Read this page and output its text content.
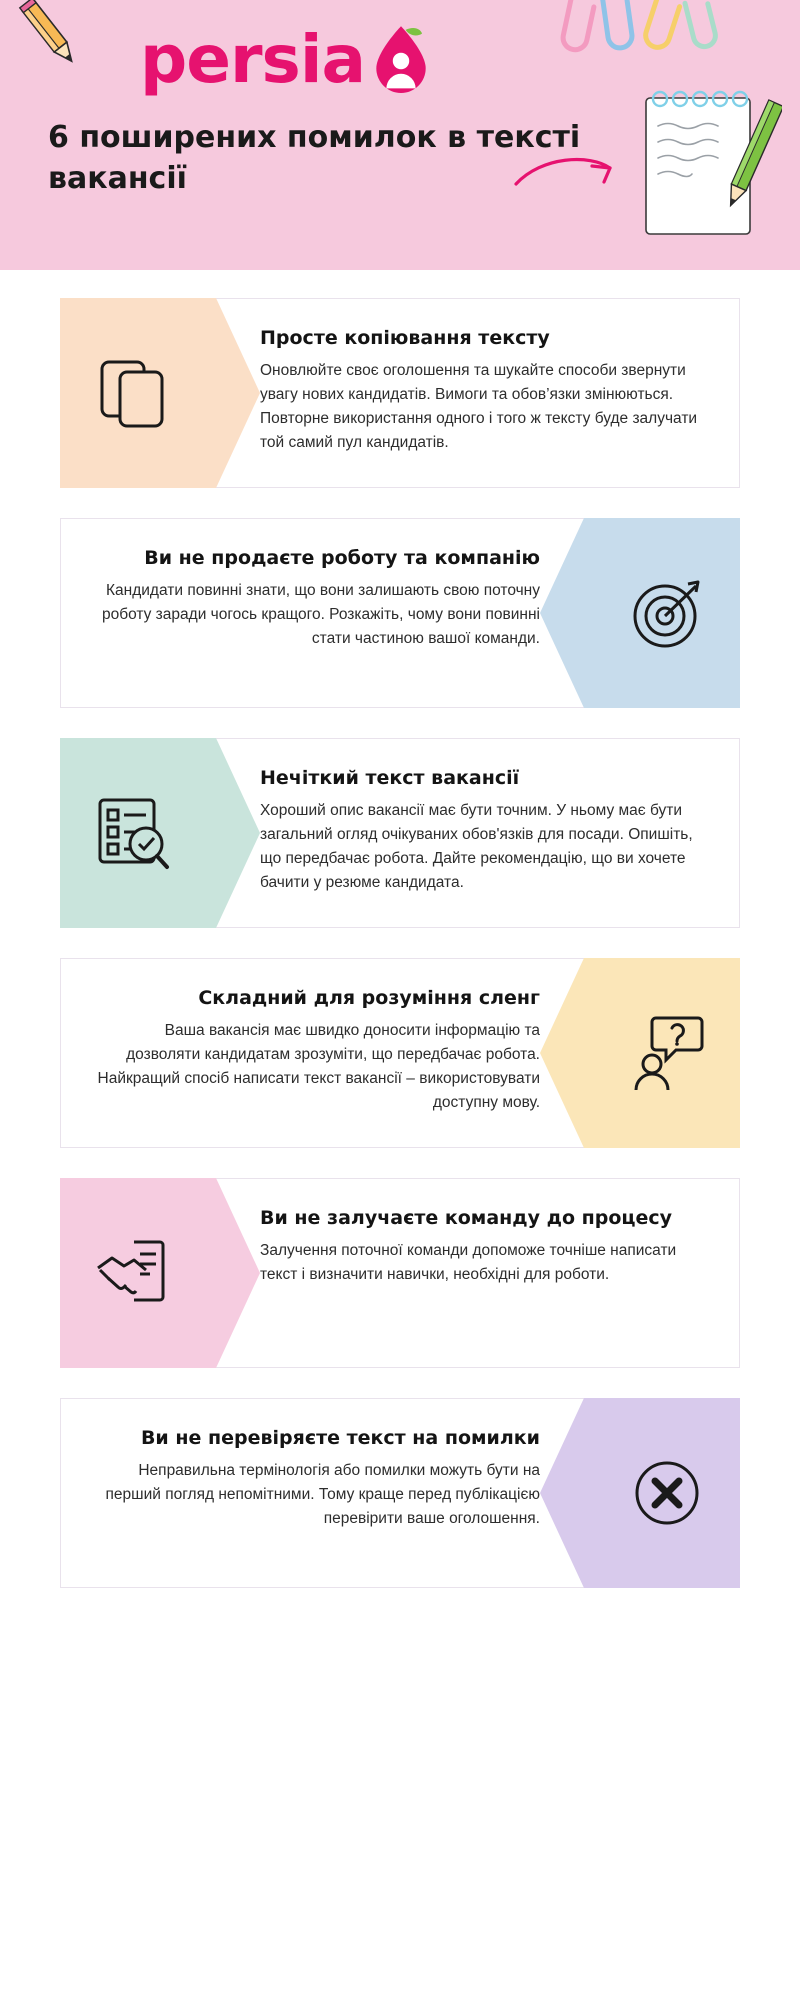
persia
6 поширених помилок в тексті вакансії
Просте копіювання тексту
Оновлюйте своє оголошення та шукайте способи звернути увагу нових кандидатів. Вимоги та обов’язки змінюються. Повторне використання одного і того ж тексту буде залучати той самий пул кандидатів.
Ви не продаєте роботу та компанію
Кандидати повинні знати, що вони залишають свою поточну роботу заради чогось кращого. Розкажіть, чому вони повинні стати частиною вашої команди.
Нечіткий текст вакансії
Хороший опис вакансії має бути точним. У ньому має бути загальний огляд очікуваних обов'язків для посади. Опишіть, що передбачає робота. Дайте рекомендацію, що ви хочете бачити у резюме кандидата.
Складний для розуміння сленг
Ваша вакансія має швидко доносити інформацію та дозволяти кандидатам зрозуміти, що передбачає робота. Найкращий спосіб написати текст вакансії – використовувати доступну мову.
Ви не залучаєте команду до процесу
Залучення поточної команди допоможе точніше написати текст і визначити навички, необхідні для роботи.
Ви не перевіряєте текст на помилки
Неправильна термінологія або помилки можуть бути на перший погляд непомітними. Тому краще перед публікацією перевірити ваше оголошення.
